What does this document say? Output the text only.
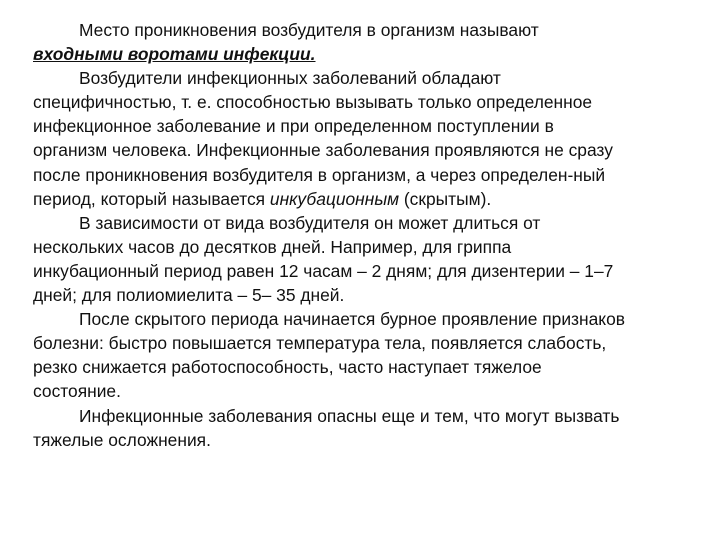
Место проникновения возбудителя в организм называют
входными воротами инфекции.
Возбудители инфекционных заболеваний обладают
специфичностью, т. е. способностью вызывать только определенное
инфекционное заболевание и при определенном поступлении в
организм человека. Инфекционные заболевания проявляются не сразу
после проникновения возбудителя в организм, а через определен-ный
период, который называется инкубационным (скрытым).
В зависимости от вида возбудителя он может длиться от
нескольких часов до десятков дней. Например, для гриппа
инкубационный период равен 12 часам – 2 дням; для дизентерии – 1–7
дней; для полиомиелита – 5– 35 дней.
После скрытого периода начинается бурное проявление признаков
болезни: быстро повышается температура тела, появляется слабость,
резко снижается работоспособность, часто наступает тяжелое
состояние.
Инфекционные заболевания опасны еще и тем, что могут вызвать
тяжелые осложнения.
